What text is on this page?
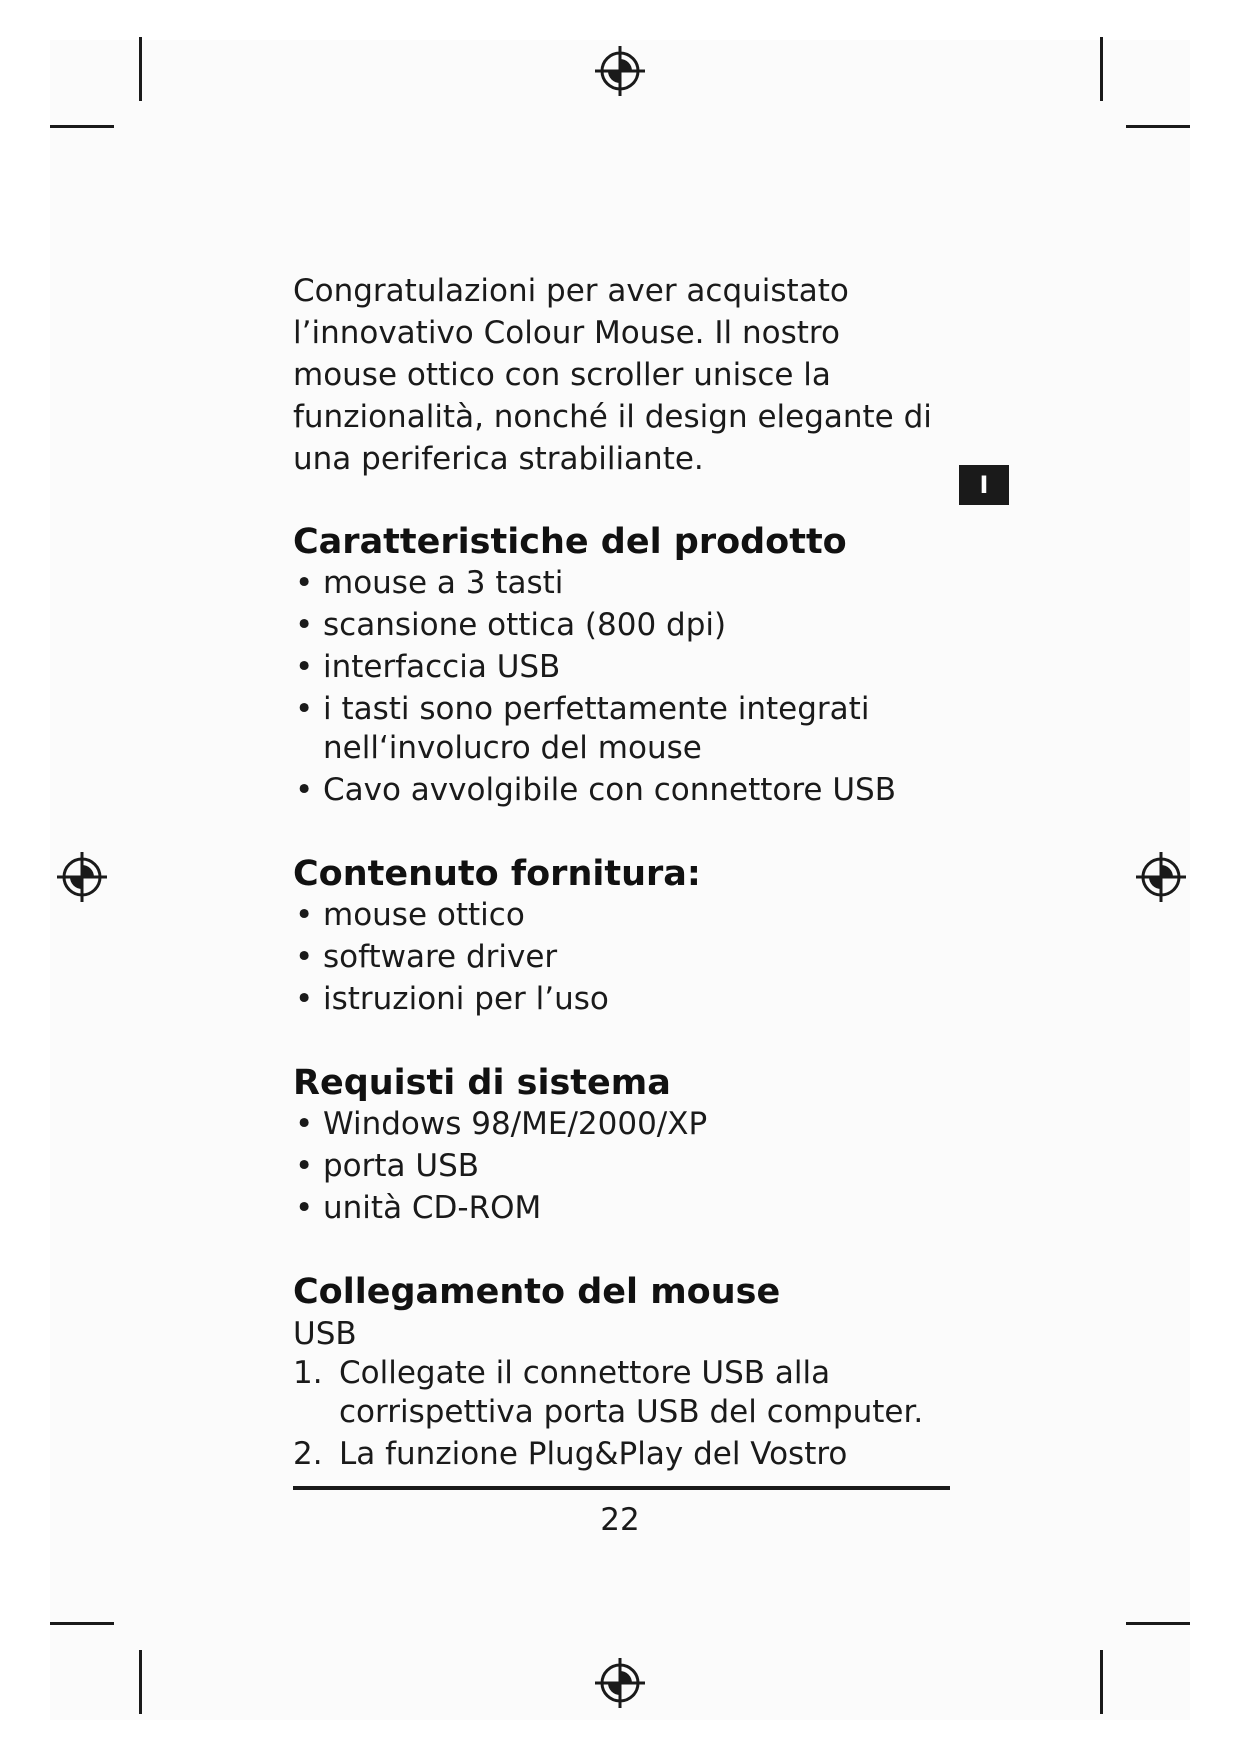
I

Congratulazioni per aver acquistato l’innovativo Colour Mouse. Il nostro mouse ottico con scroller unisce la funzionalità, nonché il design elegante di una periferica strabiliante.

Caratteristiche del prodotto
• mouse a 3 tasti
• scansione ottica (800 dpi)
• interfaccia USB
• i tasti sono perfettamente integrati nell‘involucro del mouse
• Cavo avvolgibile con connettore USB
Contenuto fornitura:
• mouse ottico
• software driver
• istruzioni per l’uso
Requisti di sistema
• Windows 98/ME/2000/XP
• porta USB
• unità CD-ROM
Collegamento del mouse

USB

1. Collegate il connettore USB alla corrispettiva porta USB del computer.
2. La funzione Plug&Play del Vostro
22
